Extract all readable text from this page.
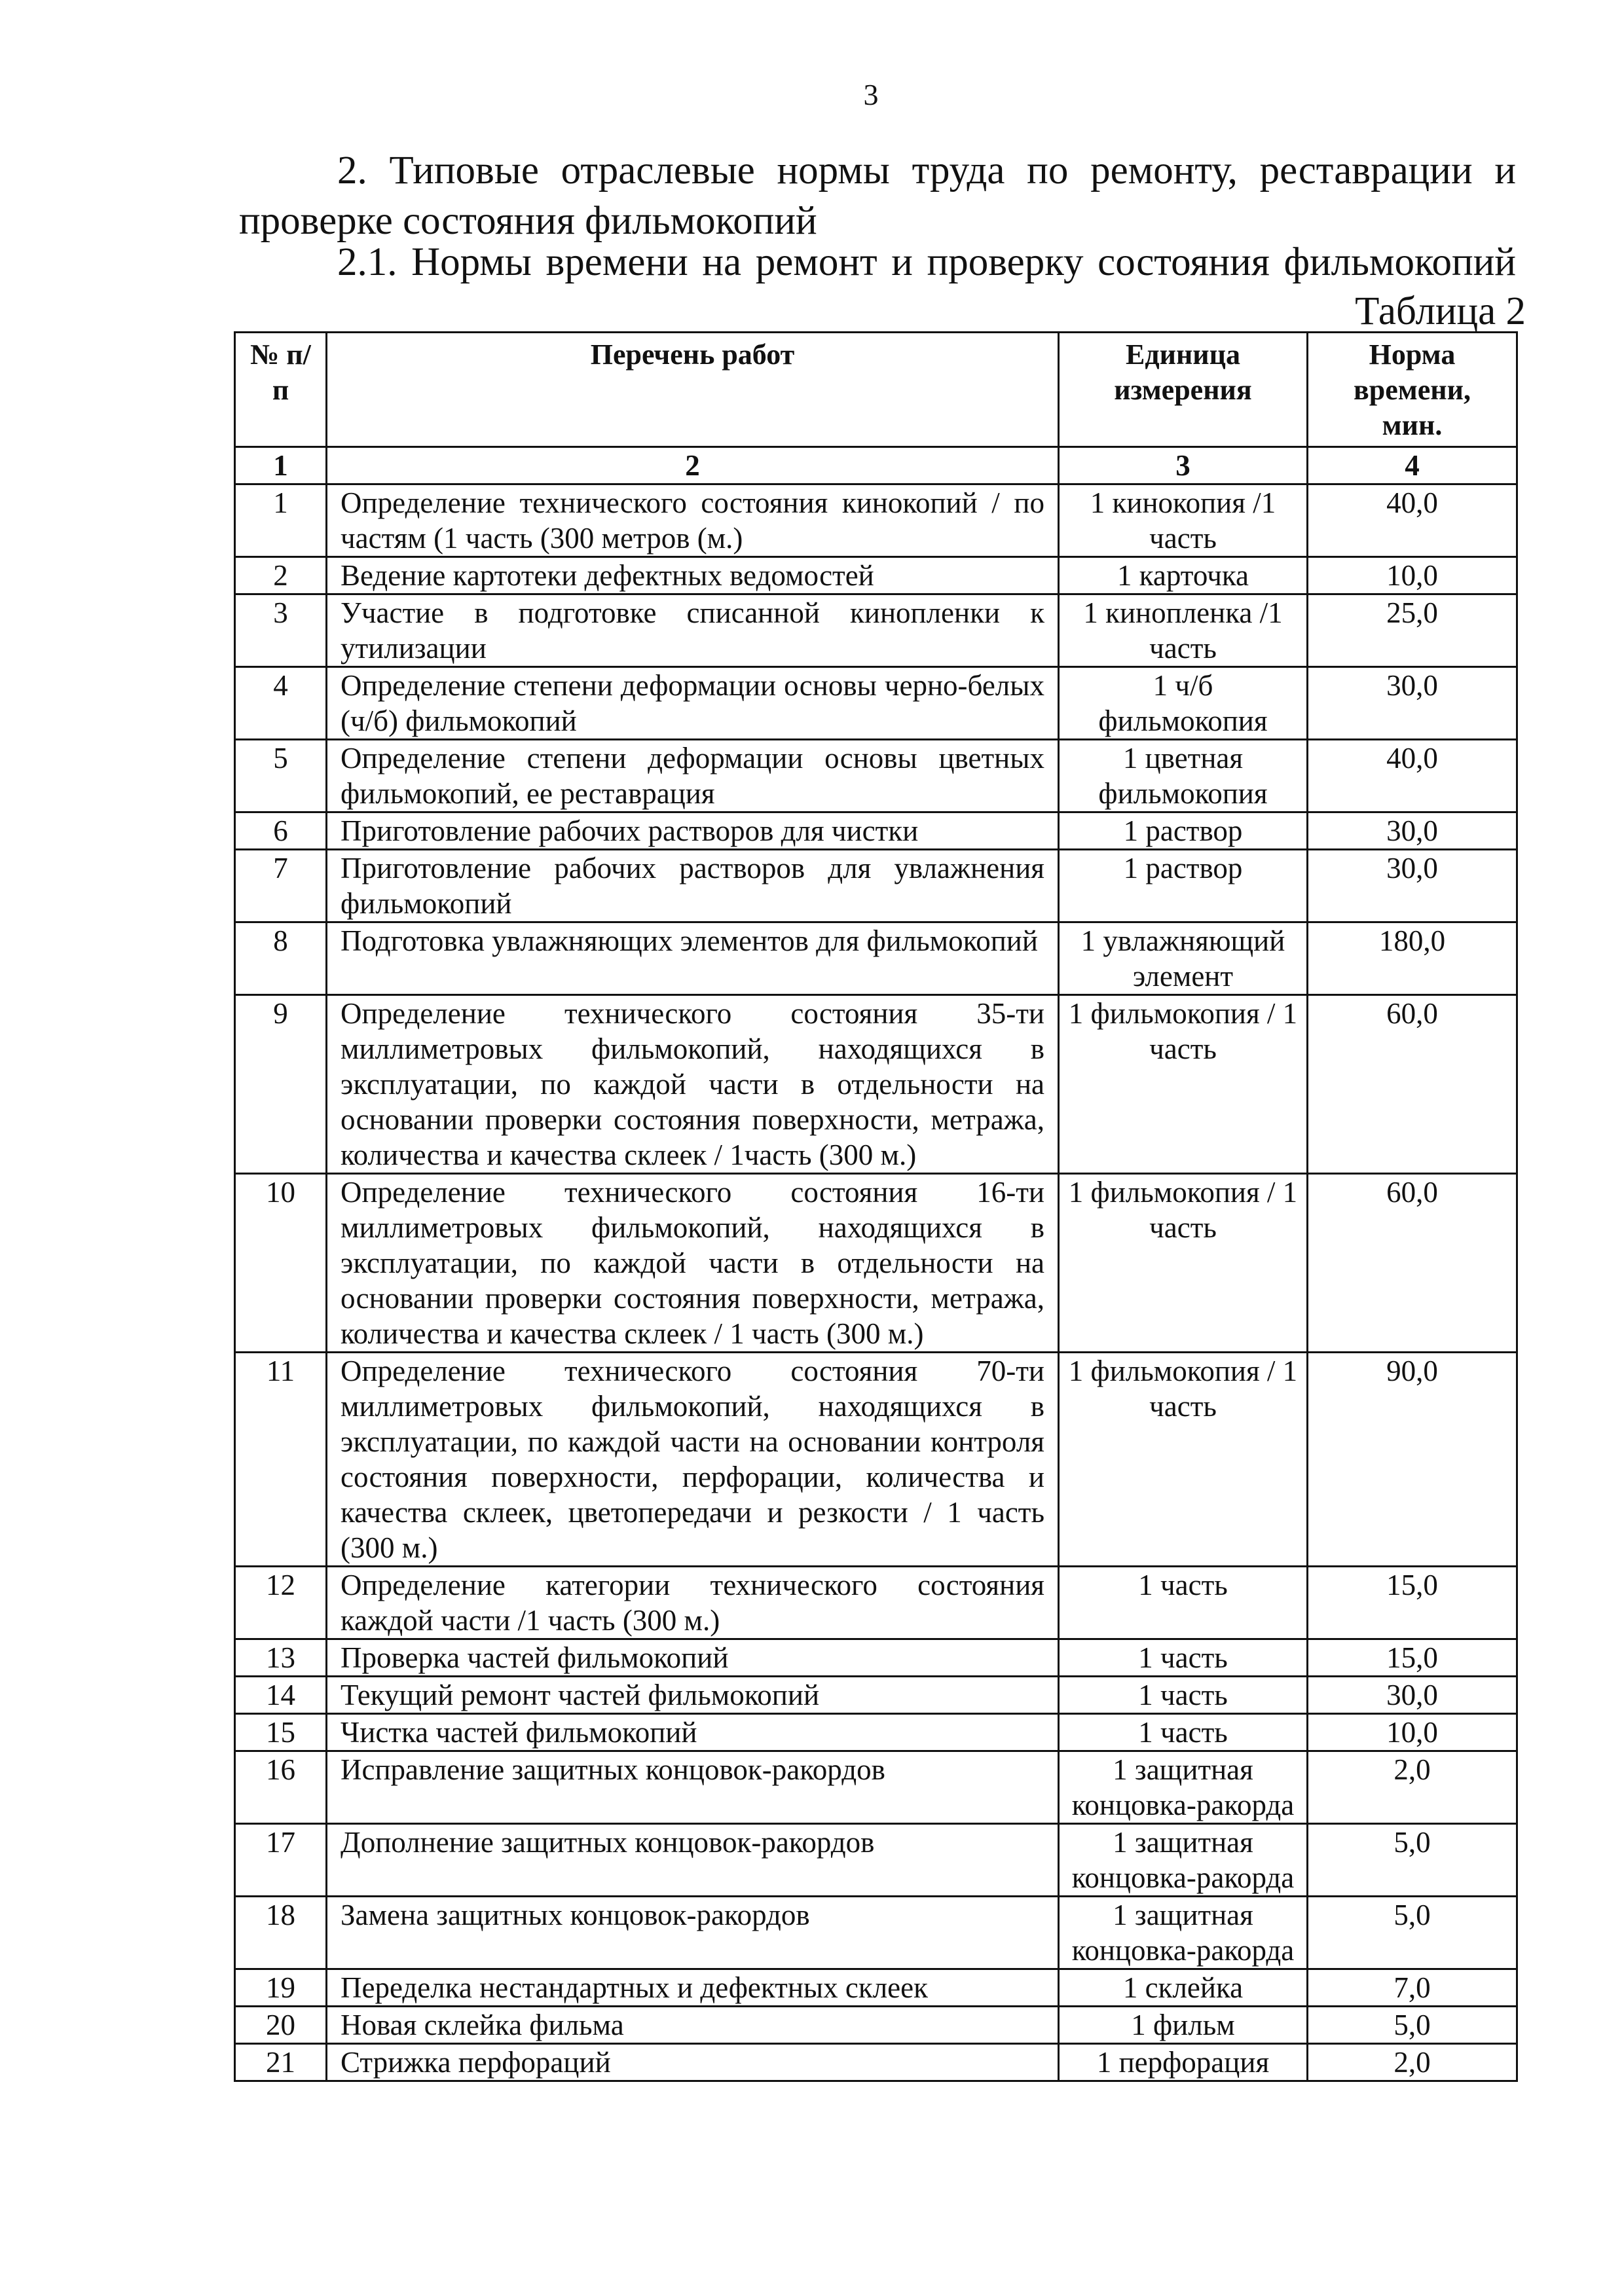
3
2. Типовые отраслевые нормы труда по ремонту, реставрации и проверке состояния фильмокопий
2.1. Нормы времени на ремонт и проверку состояния фильмокопий
Таблица 2
№ п/п	Перечень работ	Единица измерения	Норма времени, мин.
1	2	3	4
1	Определение технического состояния кинокопий / по частям (1 часть (300 метров (м.)	1 кинокопия /1 часть	40,0
2	Ведение картотеки дефектных ведомостей	1 карточка	10,0
3	Участие в подготовке списанной кинопленки к утилизации	1 кинопленка /1 часть	25,0
4	Определение степени деформации основы черно-белых (ч/б) фильмокопий	1 ч/б фильмокопия	30,0
5	Определение степени деформации основы цветных фильмокопий, ее реставрация	1 цветная фильмокопия	40,0
6	Приготовление рабочих растворов для чистки	1 раствор	30,0
7	Приготовление рабочих растворов для увлажнения фильмокопий	1 раствор	30,0
8	Подготовка увлажняющих элементов для фильмокопий	1 увлажняющий элемент	180,0
9	Определение технического состояния 35-ти миллиметровых фильмокопий, находящихся в эксплуатации, по каждой части в отдельности на основании проверки состояния поверхности, метража, количества и качества склеек / 1часть (300 м.)	1 фильмокопия / 1 часть	60,0
10	Определение технического состояния 16-ти миллиметровых фильмокопий, находящихся в эксплуатации, по каждой части в отдельности на основании проверки состояния поверхности, метража, количества и качества склеек / 1 часть (300 м.)	1 фильмокопия / 1 часть	60,0
11	Определение технического состояния 70-ти миллиметровых фильмокопий, находящихся в эксплуатации, по каждой части на основании контроля состояния поверхности, перфорации, количества и качества склеек, цветопередачи и резкости / 1 часть (300 м.)	1 фильмокопия / 1 часть	90,0
12	Определение категории технического состояния каждой части /1 часть (300 м.)	1 часть	15,0
13	Проверка частей фильмокопий	1 часть	15,0
14	Текущий ремонт частей фильмокопий	1 часть	30,0
15	Чистка частей фильмокопий	1 часть	10,0
16	Исправление защитных концовок-ракордов	1 защитная концовка-ракорда	2,0
17	Дополнение защитных концовок-ракордов	1 защитная концовка-ракорда	5,0
18	Замена защитных концовок-ракордов	1 защитная концовка-ракорда	5,0
19	Переделка нестандартных и дефектных склеек	1 склейка	7,0
20	Новая склейка фильма	1 фильм	5,0
21	Стрижка перфораций	1 перфорация	2,0
